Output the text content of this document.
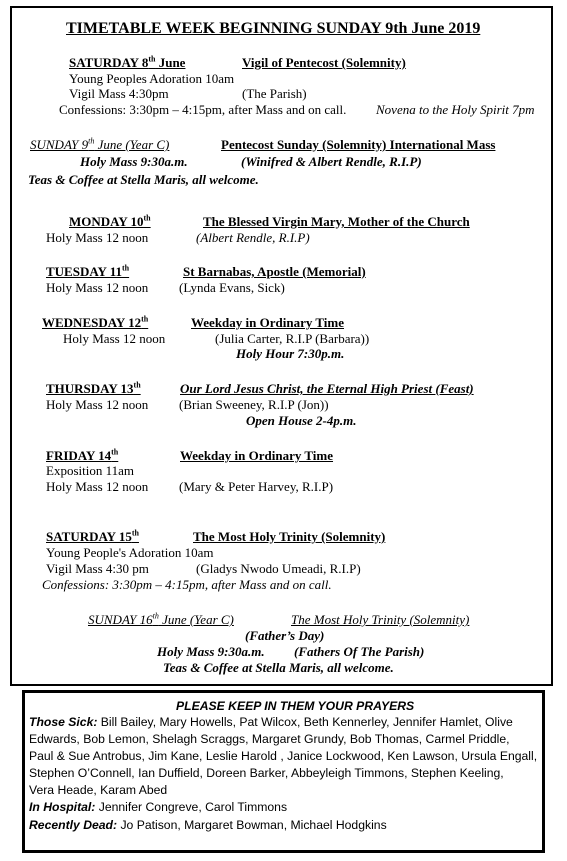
TIMETABLE WEEK BEGINNING SUNDAY 9th June 2019
SATURDAY 8th June	Vigil of Pentecost (Solemnity)
Young Peoples Adoration 10am
Vigil Mass 4:30pm	(The Parish)
Confessions: 3:30pm – 4:15pm, after Mass and on call. Novena to the Holy Spirit 7pm
SUNDAY 9th June (Year C)	Pentecost Sunday (Solemnity) International Mass
Holy Mass 9:30a.m.	(Winifred & Albert Rendle, R.I.P)
Teas & Coffee at Stella Maris, all welcome.
MONDAY 10th	The Blessed Virgin Mary, Mother of the Church
Holy Mass 12 noon	(Albert Rendle, R.I.P)
TUESDAY 11th	St Barnabas, Apostle (Memorial)
Holy Mass 12 noon (Lynda Evans, Sick)
WEDNESDAY 12th	Weekday in Ordinary Time
Holy Mass 12 noon	(Julia Carter, R.I.P (Barbara))
Holy Hour 7:30p.m.
THURSDAY 13th	Our Lord Jesus Christ, the Eternal High Priest (Feast)
Holy Mass 12 noon (Brian Sweeney, R.I.P (Jon))
Open House 2-4p.m.
FRIDAY 14th	Weekday in Ordinary Time
Exposition 11am
Holy Mass 12 noon (Mary & Peter Harvey, R.I.P)
SATURDAY 15th	The Most Holy Trinity (Solemnity)
Young People's Adoration 10am
Vigil Mass 4:30 pm	(Gladys Nwodo Umeadi, R.I.P)
Confessions: 3:30pm – 4:15pm, after Mass and on call.
SUNDAY 16th June (Year C)	The Most Holy Trinity (Solemnity)
(Father’s Day)
Holy Mass 9:30a.m. (Fathers Of The Parish)
Teas & Coffee at Stella Maris, all welcome.
PLEASE KEEP IN THEM YOUR PRAYERS
Those Sick: Bill Bailey, Mary Howells, Pat Wilcox, Beth Kennerley, Jennifer Hamlet, Olive
Edwards, Bob Lemon, Shelagh Scraggs, Margaret Grundy, Bob Thomas, Carmel Priddle,
Paul & Sue Antrobus, Jim Kane, Leslie Harold , Janice Lockwood, Ken Lawson, Ursula Engall,
Stephen O’Connell, Ian Duffield, Doreen Barker, Abbeyleigh Timmons, Stephen Keeling,
Vera Heade, Karam Abed
In Hospital: Jennifer Congreve, Carol Timmons
Recently Dead: Jo Patison, Margaret Bowman, Michael Hodgkins
